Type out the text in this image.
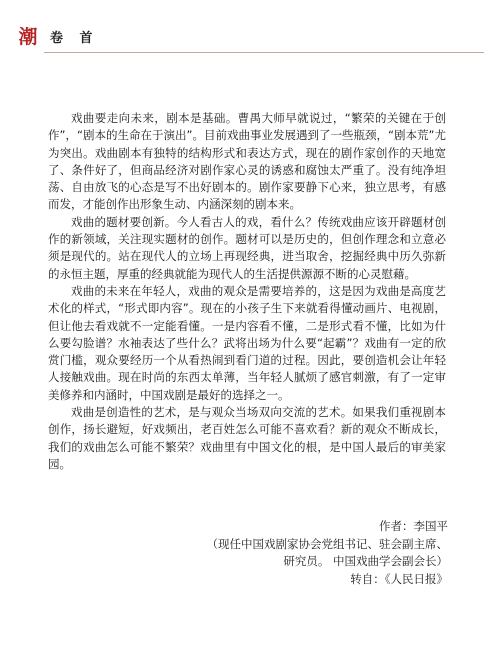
潮 卷 首

戏曲要走向未来，剧本是基础。曹禺大师早就说过，“繁荣的关键在于创作”，“剧本的生命在于演出”。目前戏曲事业发展遇到了一些瓶颈，“剧本荒”尤为突出。戏曲剧本有独特的结构形式和表达方式，现在的剧作家创作的天地宽了、条件好了，但商品经济对剧作家心灵的诱惑和腐蚀太严重了。没有纯净坦荡、自由放飞的心态是写不出好剧本的。剧作家要静下心来，独立思考，有感而发，才能创作出形象生动、内涵深刻的剧本来。

戏曲的题材要创新。今人看古人的戏，看什么？传统戏曲应该开辟题材创作的新领域，关注现实题材的创作。题材可以是历史的，但创作理念和立意必须是现代的。站在现代人的立场上再现经典，进当取舍，挖掘经典中历久弥新的永恒主题，厚重的经典就能为现代人的生活提供源源不断的心灵慰藉。

戏曲的未来在年轻人，戏曲的观众是需要培养的，这是因为戏曲是高度艺术化的样式，“形式即内容”。现在的小孩子生下来就看得懂动画片、电视剧，但让他去看戏就不一定能看懂。一是内容看不懂，二是形式看不懂，比如为什么要勾脸谱？水袖表达了些什么？武将出场为什么要“起霸”？戏曲有一定的欣赏门槛，观众要经历一个从看热闹到看门道的过程。因此，要创造机会让年轻人接触戏曲。现在时尚的东西太单薄，当年轻人腻烦了感官刺激，有了一定审美修养和内涵时，中国戏剧是最好的选择之一。

戏曲是创造性的艺术，是与观众当场双向交流的艺术。如果我们重视剧本创作，扬长避短，好戏频出，老百姓怎么可能不喜欢看？新的观众不断成长，我们的戏曲怎么可能不繁荣？戏曲里有中国文化的根，是中国人最后的审美家园。

作者：李国平
（现任中国戏剧家协会党组书记、驻会副主席、
研究员。 中国戏曲学会副会长）
转自：《人民日报》
